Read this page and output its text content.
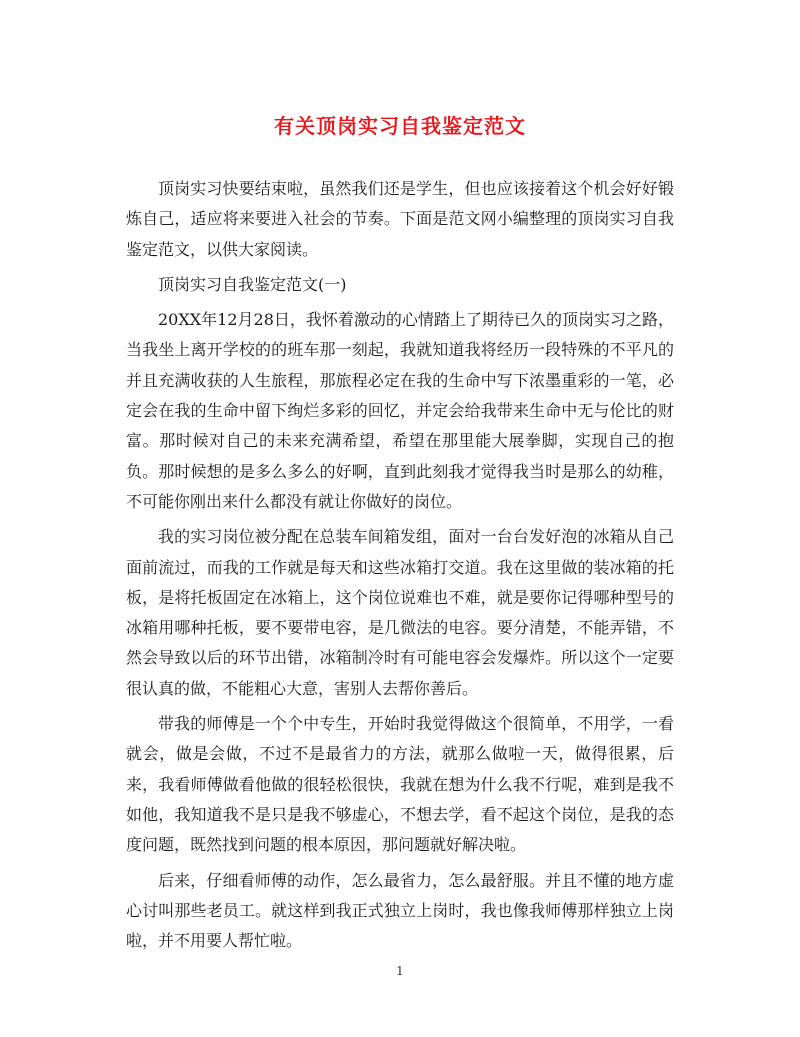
有关顶岗实习自我鉴定范文

顶岗实习快要结束啦，虽然我们还是学生，但也应该接着这个机会好好锻炼自己，适应将来要进入社会的节奏。下面是范文网小编整理的顶岗实习自我鉴定范文，以供大家阅读。

顶岗实习自我鉴定范文(一)

20XX年12月28日，我怀着激动的心情踏上了期待已久的顶岗实习之路，当我坐上离开学校的的班车那一刻起，我就知道我将经历一段特殊的不平凡的并且充满收获的人生旅程，那旅程必定在我的生命中写下浓墨重彩的一笔，必定会在我的生命中留下绚烂多彩的回忆，并定会给我带来生命中无与伦比的财富。那时候对自己的未来充满希望，希望在那里能大展拳脚，实现自己的抱负。那时候想的是多么多么的好啊，直到此刻我才觉得我当时是那么的幼稚，不可能你刚出来什么都没有就让你做好的岗位。

我的实习岗位被分配在总装车间箱发组，面对一台台发好泡的冰箱从自己面前流过，而我的工作就是每天和这些冰箱打交道。我在这里做的装冰箱的托板，是将托板固定在冰箱上，这个岗位说难也不难，就是要你记得哪种型号的冰箱用哪种托板，要不要带电容，是几微法的电容。要分清楚，不能弄错，不然会导致以后的环节出错，冰箱制冷时有可能电容会发爆炸。所以这个一定要很认真的做，不能粗心大意，害别人去帮你善后。

带我的师傅是一个个中专生，开始时我觉得做这个很简单，不用学，一看就会，做是会做，不过不是最省力的方法，就那么做啦一天，做得很累，后来，我看师傅做看他做的很轻松很快，我就在想为什么我不行呢，难到是我不如他，我知道我不是只是我不够虚心，不想去学，看不起这个岗位，是我的态度问题，既然找到问题的根本原因，那问题就好解决啦。

后来，仔细看师傅的动作，怎么最省力，怎么最舒服。并且不懂的地方虚心讨叫那些老员工。就这样到我正式独立上岗时，我也像我师傅那样独立上岗啦，并不用要人帮忙啦。

1
